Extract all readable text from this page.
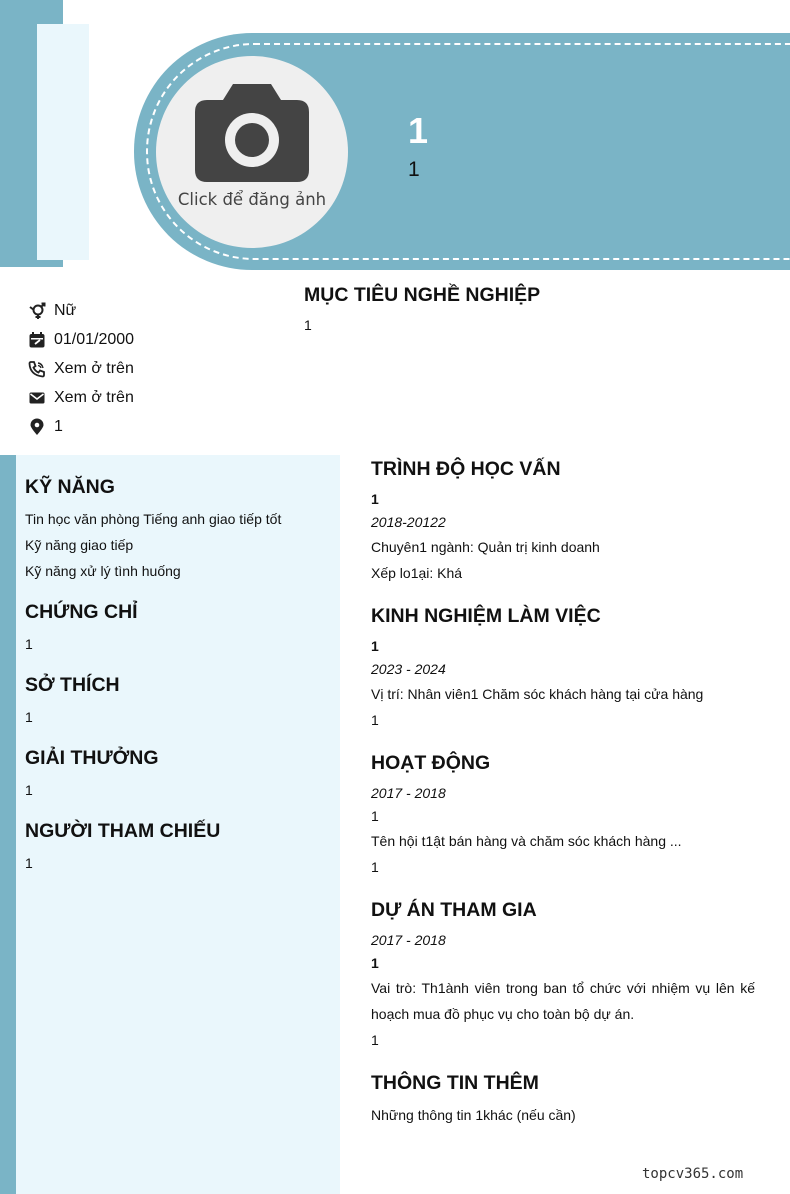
Click để đăng ảnh
1
1
Nữ
01/01/2000
Xem ở trên
Xem ở trên
1
MỤC TIÊU NGHỀ NGHIỆP
1
KỸ NĂNG
Tin học văn phòng Tiếng anh giao tiếp tốt
Kỹ năng giao tiếp
Kỹ năng xử lý tình huống
CHỨNG CHỈ
1
SỞ THÍCH
1
GIẢI THƯỞNG
1
NGƯỜI THAM CHIẾU
1
TRÌNH ĐỘ HỌC VẤN
1
2018-20122
Chuyên1 ngành: Quản trị kinh doanh
Xếp lo1ại: Khá
KINH NGHIỆM LÀM VIỆC
1
2023 - 2024
Vị trí: Nhân viên1 Chăm sóc khách hàng tại cửa hàng
1
HOẠT ĐỘNG
2017 - 2018
1
Tên hội t1ật bán hàng và chăm sóc khách hàng ...
1
DỰ ÁN THAM GIA
2017 - 2018
1
Vai trò: Th1ành viên trong ban tổ chức với nhiệm vụ lên kế hoạch mua đồ phục vụ cho toàn bộ dự án.
1
THÔNG TIN THÊM
Những thông tin 1khác (nếu cần)
topcv365.com
